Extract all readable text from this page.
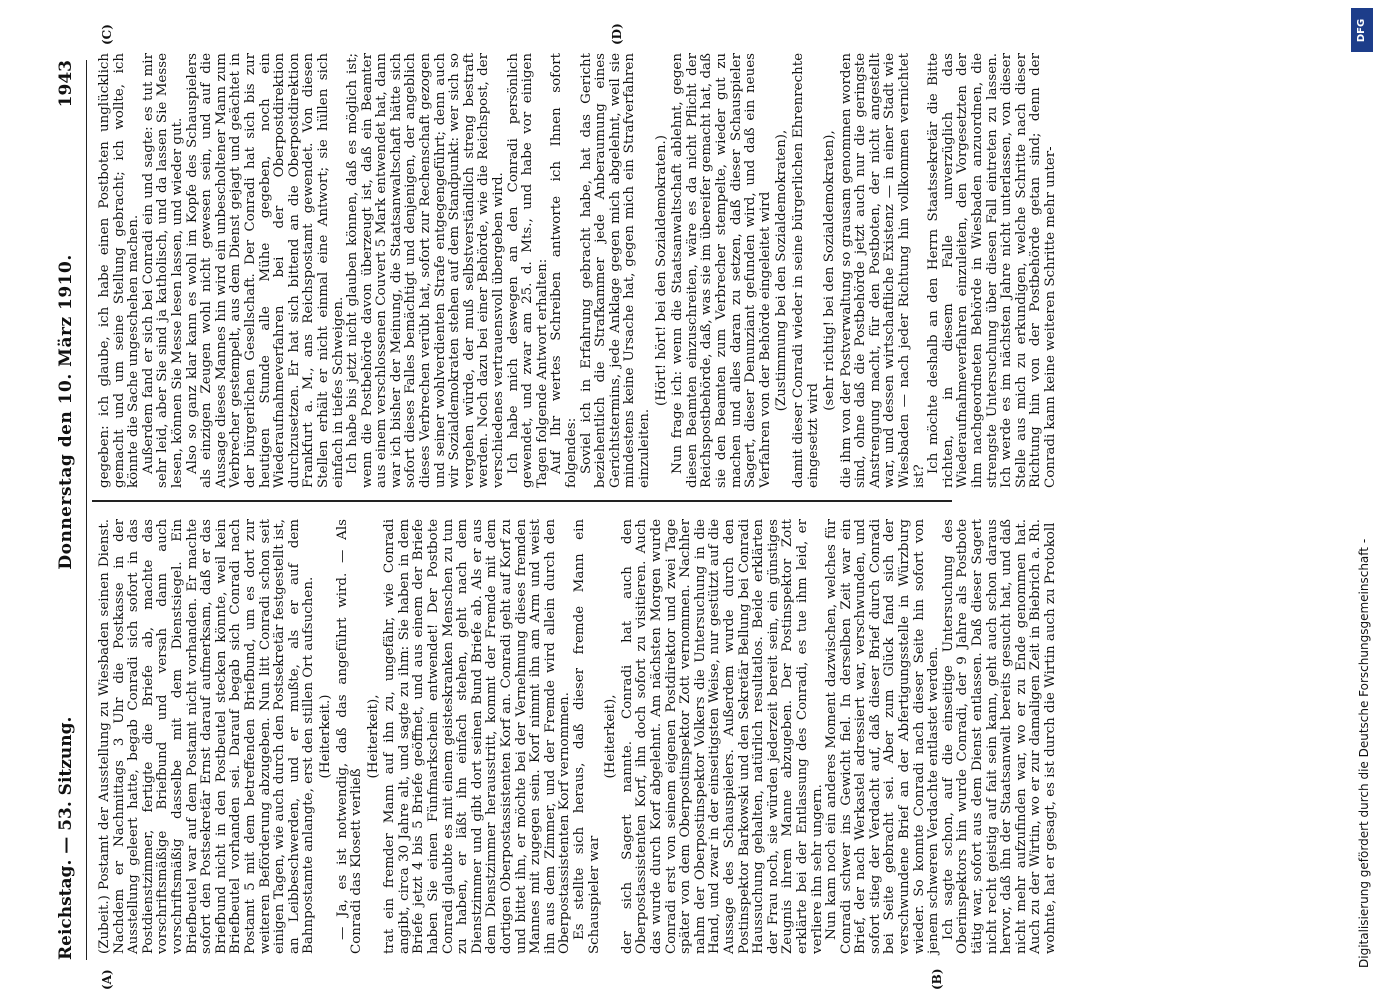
Reichstag. — 53. Sitzung.
Donnerstag den 10. März 1910.
1943
(A)	(B)
(C)	(D)

(Zubeit.) Postamt der Ausstellung zu Wiesbaden seinen Dienst. Nachdem er Nachmittags 3 Uhr die Postkasse in der Ausstellung geleert hatte, begab Conradi sich sofort in das Postdienstzimmer, fertigte die Briefe ab, machte das vorschriftsmäßige Briefbund und versah dann auch vorschriftsmäßig dasselbe mit dem Dienstsiegel. Ein Briefbeutel war auf dem Postamt nicht vorhanden. Er machte sofort den Postsekretär Ernst darauf aufmerksam, daß er das Briefbund nicht in den Postbeutel stecken könnte, weil kein Briefbeutel vorhanden sei. Darauf begab sich Conradi nach Postamt 5 mit dem betreffenden Briefbund, um es dort zur weiteren Beförderung abzugeben. Nun litt Conradi schon seit einigen Tagen, wie auch durch den Postsekretär festgestellt ist, an Leibbeschwerden, und er mußte, als er auf dem Bahnpostamte anlangte, erst den stillen Ort aufsuchen. (Heiterkeit.) — Ja, es ist notwendig, daß das angeführt wird. — Als Conradi das Klosett verließ

(Heiterkeit), trat ein fremder Mann auf ihn zu, ungefähr, wie Conradi angibt, circa 30 Jahre alt, und sagte zu ihm: Sie haben in dem Briefe jetzt 4 bis 5 Briefe geöffnet, und aus einem der Briefe haben Sie einen Fünfmarkschein entwendet! Der Postbote Conradi glaubte es mit einem geisteskranken Menschen zu tun zu haben, er läßt ihn einfach stehen, geht nach dem Dienstzimmer und gibt dort seinen Bund Briefe ab. Als er aus dem Dienstzimmer herausstritt, kommt der Fremde mit dem dortigen Oberpostassistenten Korf an. Conradi geht auf Korf zu und bittet ihn, er möchte bei der Vernehmung dieses fremden Mannes mit zugegen sein. Korf nimmt ihn am Arm und weist ihn aus dem Zimmer, und der Fremde wird allein durch den Oberpostassistenten Korf vernommen. Es stellte sich heraus, daß dieser fremde Mann ein Schauspieler war

(Heiterkeit), der sich Sagert nannte. Conradi hat auch den Oberpostassistenten Korf, ihn doch sofort zu visitieren. Auch das wurde durch Korf abgelehnt. Am nächsten Morgen wurde Conradi erst von seinem eigenen Postdirektor und zwei Tage später von dem Oberpostinspektor Zott vernommen. Nachher nahm der Oberpostinspektor Volkers die Untersuchung in die Hand, und zwar in der einseitigsten Weise, nur gestützt auf die Aussage des Schauspielers. Außerdem wurde durch den Postinspektor Barkowski und den Sekretär Bellung bei Conradi Haussuchung gehalten, natürlich resultatlos. Beide erklärten der Frau noch, sie würden jederzeit bereit sein, ein günstiges Zeugnis ihrem Manne abzugeben. Der Postinspektor Zott erklärte bei der Entlassung des Conradi, es tue ihm leid, er verliere ihn sehr ungern. Nun kam noch ein anderes Moment dazwischen, welches für Conradi schwer ins Gewicht fiel. In derselben Zeit war ein Brief, der nach Werkastel adressiert war, verschwunden, und sofort stieg der Verdacht auf, daß dieser Brief durch Conradi bei Seite gebracht sei. Aber zum Glück fand sich der verschwundene Brief an der Abfertigungsstelle in Würzburg wieder. So konnte Conradi nach dieser Seite hin sofort von jenem schweren Verdachte entlastet werden. Ich sagte schon, auf die einseitige Untersuchung des Oberinspektors hin wurde Conradi, der 9 Jahre als Postbote tätig war, sofort aus dem Dienst entlassen. Daß dieser Sagert nicht recht geistig auf fait sein kann, geht auch schon daraus hervor, daß ihn der Staatsanwalt bereits gesucht hat, und daß nicht mehr aufzufinden war, wo er zu Ende genommen hat. Auch zu der Wirtin, wo er zur damaligen Zeit in Biebrich a. Rh. wohnte, hat er gesagt, es ist durch die Wirtin auch zu Protokoll

gegeben: ich glaube, ich habe einen Postboten unglücklich gemacht und um seine Stellung gebracht; ich wollte, ich könnte die Sache ungeschehen machen. Außerdem fand er sich bei Conradi ein und sagte: es tut mir sehr leid, aber Sie sind ja katholisch, und da lassen Sie Messe lesen, können Sie Messe lesen lassen, und wieder gut. Also so ganz klar kann es wohl im Kopfe des Schauspielers als einzigen Zeugen wohl nicht gewesen sein, und auf die Aussage dieses Mannes hin wird ein unbescholtener Mann zum Verbrecher gestempelt, aus dem Dienst gejagt und geächtet in der bürgerlichen Gesellschaft. Der Conradi hat sich bis zur heutigen Stunde alle Mühe gegeben, noch ein Wiederaufnahmeverfahren bei der Oberpostdirektion durchzusetzen. Er hat sich bittend an die Oberpostdirektion Frankfurt a. M., ans Reichspostamt gewendet. Von diesen Stellen erhält er nicht einmal eine Antwort; sie hüllen sich einfach in tiefes Schweigen. Ich habe bis jetzt nicht glauben können, daß es möglich ist; wenn die Postbehörde davon überzeugt ist, daß ein Beamter aus einem verschlossenen Couvert 5 Mark entwendet hat, dann war ich bisher der Meinung, die Staatsanwaltschaft hätte sich sofort dieses Falles bemächtigt und denjenigen, der angeblich dieses Verbrechen verübt hat, sofort zur Rechenschaft gezogen und seiner wohlverdienten Strafe entgegengeführt; denn auch wir Sozialdemokraten stehen auf dem Standpunkt: wer sich so vergehen würde, der muß selbstverständlich streng bestraft werden. Noch dazu bei einer Behörde, wie die Reichspost, der verschiedenes vertrauensvoll übergeben wird. Ich habe mich deswegen an den Conradi persönlich gewendet, und zwar am 25. d. Mts., und habe vor einigen Tagen folgende Antwort erhalten: Auf Ihr wertes Schreiben antworte ich Ihnen sofort folgendes: Soviel ich in Erfahrung gebracht habe, hat das Gericht beziehentlich die Strafkammer jede Anberaumung eines Gerichtstermins, jede Anklage gegen mich abgelehnt, weil sie mindestens keine Ursache hat, gegen mich ein Strafverfahren einzuleiten.

(Hört! hört! bei den Sozialdemokraten.) Nun frage ich: wenn die Staatsanwaltschaft ablehnt, gegen diesen Beamten einzuschreiten, wäre es da nicht Pflicht der Reichspostbehörde, daß, was sie im übereifer gemacht hat, daß sie den Beamten zum Verbrecher stempelte, wieder gut zu machen und alles daran zu setzen, daß dieser Schauspieler Sagert, dieser Denunziant gefunden wird, und daß ein neues Verfahren von der Behörde eingeleitet wird (Zustimmung bei den Sozialdemokraten), damit dieser Conradi wieder in seine bürgerlichen Ehrenrechte eingesetzt wird

(sehr richtig! bei den Sozialdemokraten), die ihm von der Postverwaltung so grausam genommen worden sind, ohne daß die Postbehörde jetzt auch nur die geringste Anstrengung macht, für den Postboten, der nicht angestellt war, und dessen wirtschaftliche Existenz — in einer Stadt wie Wiesbaden — nach jeder Richtung hin vollkommen vernichtet ist?

Ich möchte deshalb an den Herrn Staatssekretär die Bitte richten, in diesem Falle unverzüglich das Wiederaufnahmeverfahren einzuleiten, den Vorgesetzten der ihm nachgeordneten Behörde in Wiesbaden anzuordnen, die strengste Untersuchung über diesen Fall eintreten zu lassen. Ich werde es im nächsten Jahre nicht unterlassen, von dieser Stelle aus mich zu erkundigen, welche Schritte nach dieser Richtung hin von der Postbehörde getan sind; denn der Conradi kann keine weiteren Schritte mehr unter-

DFG
Digitalisierung gefördert durch die Deutsche Forschungsgemeinschaft -
